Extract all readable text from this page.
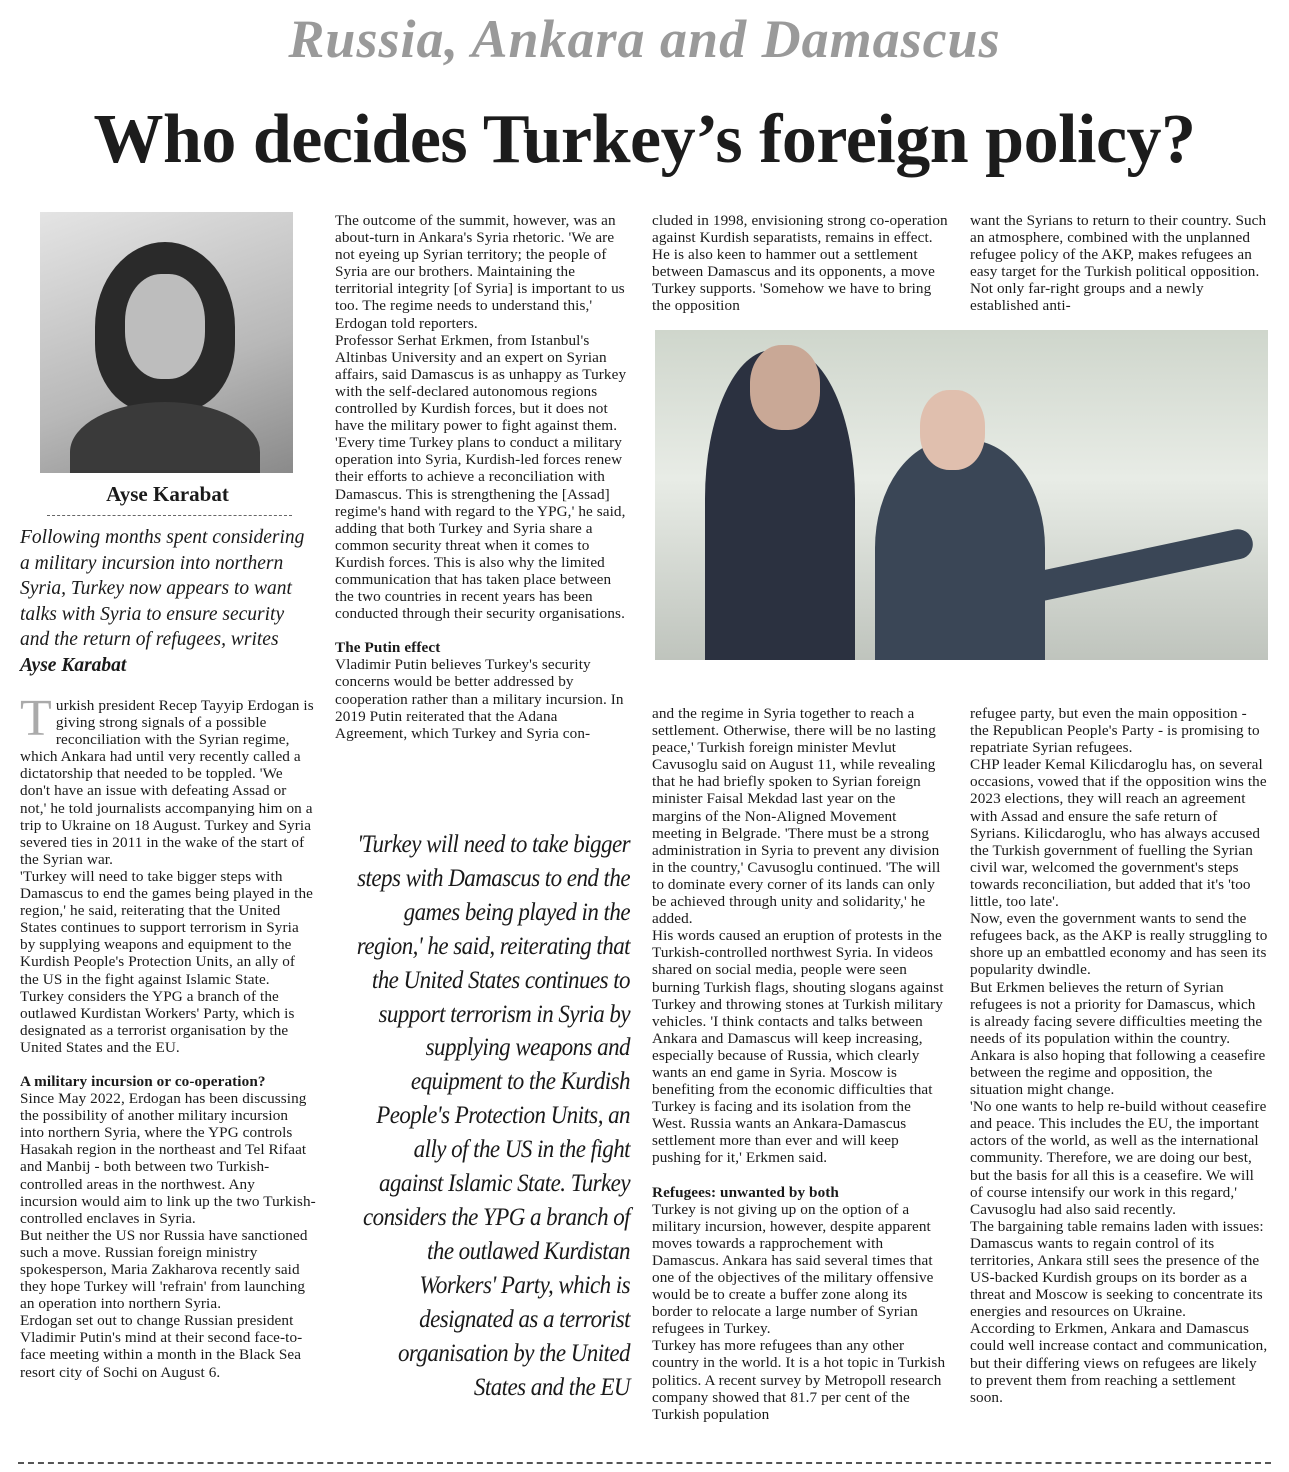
Russia, Ankara and Damascus
Who decides Turkey’s foreign policy?
Ayse Karabat
Following months spent considering a military incursion into northern Syria, Turkey now appears to want talks with Syria to ensure security and the return of refugees, writes Ayse Karabat

Turkish president Recep Tayyip Erdogan is giving strong signals of a possible reconciliation with the Syrian regime, which Ankara had until very recently called a dictatorship that needed to be toppled. 'We don't have an issue with defeating Assad or not,' he told journalists accompanying him on a trip to Ukraine on 18 August. Turkey and Syria severed ties in 2011 in the wake of the start of the Syrian war.

'Turkey will need to take bigger steps with Damascus to end the games being played in the region,' he said, reiterating that the United States continues to support terrorism in Syria by supplying weapons and equipment to the Kurdish People's Protection Units, an ally of the US in the fight against Islamic State.

Turkey considers the YPG a branch of the outlawed Kurdistan Workers' Party, which is designated as a terrorist organisation by the United States and the EU.

A military incursion or co-operation?

Since May 2022, Erdogan has been discussing the possibility of another military incursion into northern Syria, where the YPG controls Hasakah region in the northeast and Tel Rifaat and Manbij - both between two Turkish-controlled areas in the northwest. Any incursion would aim to link up the two Turkish-controlled enclaves in Syria.

But neither the US nor Russia have sanctioned such a move. Russian foreign ministry spokesperson, Maria Zakharova recently said they hope Turkey will 'refrain' from launching an operation into northern Syria.

Erdogan set out to change Russian president Vladimir Putin's mind at their second face-to-face meeting within a month in the Black Sea resort city of Sochi on August 6.

The outcome of the summit, however, was an about-turn in Ankara's Syria rhetoric. 'We are not eyeing up Syrian territory; the people of Syria are our brothers. Maintaining the territorial integrity [of Syria] is important to us too. The regime needs to understand this,' Erdogan told reporters.

Professor Serhat Erkmen, from Istanbul's Altinbas University and an expert on Syrian affairs, said Damascus is as unhappy as Turkey with the self-declared autonomous regions controlled by Kurdish forces, but it does not have the military power to fight against them.

'Every time Turkey plans to conduct a military operation into Syria, Kurdish-led forces renew their efforts to achieve a reconciliation with Damascus. This is strengthening the [Assad] regime's hand with regard to the YPG,' he said, adding that both Turkey and Syria share a common security threat when it comes to Kurdish forces. This is also why the limited communication that has taken place between the two countries in recent years has been conducted through their security organisations.

The Putin effect

Vladimir Putin believes Turkey's security concerns would be better addressed by cooperation rather than a military incursion. In 2019 Putin reiterated that the Adana Agreement, which Turkey and Syria con-

'Turkey will need to take bigger steps with Damascus to end the games being played in the region,' he said, reiterating that the United States continues to support terrorism in Syria by supplying weapons and equipment to the Kurdish People's Protection Units, an ally of the US in the fight against Islamic State. Turkey considers the YPG a branch of the outlawed Kurdistan Workers' Party, which is designated as a terrorist organisation by the United States and the EU

cluded in 1998, envisioning strong co-operation against Kurdish separatists, remains in effect. He is also keen to hammer out a settlement between Damascus and its opponents, a move Turkey supports. 'Somehow we have to bring the opposition

want the Syrians to return to their country. Such an atmosphere, combined with the unplanned refugee policy of the AKP, makes refugees an easy target for the Turkish political opposition. Not only far-right groups and a newly established anti-

and the regime in Syria together to reach a settlement. Otherwise, there will be no lasting peace,' Turkish foreign minister Mevlut Cavusoglu said on August 11, while revealing that he had briefly spoken to Syrian foreign minister Faisal Mekdad last year on the margins of the Non-Aligned Movement meeting in Belgrade. 'There must be a strong administration in Syria to prevent any division in the country,' Cavusoglu continued. 'The will to dominate every corner of its lands can only be achieved through unity and solidarity,' he added.

His words caused an eruption of protests in the Turkish-controlled northwest Syria. In videos shared on social media, people were seen burning Turkish flags, shouting slogans against Turkey and throwing stones at Turkish military vehicles. 'I think contacts and talks between Ankara and Damascus will keep increasing, especially because of Russia, which clearly wants an end game in Syria. Moscow is benefiting from the economic difficulties that Turkey is facing and its isolation from the West. Russia wants an Ankara-Damascus settlement more than ever and will keep pushing for it,' Erkmen said.

Refugees: unwanted by both

Turkey is not giving up on the option of a military incursion, however, despite apparent moves towards a rapprochement with Damascus. Ankara has said several times that one of the objectives of the military offensive would be to create a buffer zone along its border to relocate a large number of Syrian refugees in Turkey.

Turkey has more refugees than any other country in the world. It is a hot topic in Turkish politics. A recent survey by Metropoll research company showed that 81.7 per cent of the Turkish population

refugee party, but even the main opposition - the Republican People's Party - is promising to repatriate Syrian refugees.

CHP leader Kemal Kilicdaroglu has, on several occasions, vowed that if the opposition wins the 2023 elections, they will reach an agreement with Assad and ensure the safe return of Syrians. Kilicdaroglu, who has always accused the Turkish government of fuelling the Syrian civil war, welcomed the government's steps towards reconciliation, but added that it's 'too little, too late'.

Now, even the government wants to send the refugees back, as the AKP is really struggling to shore up an embattled economy and has seen its popularity dwindle.

But Erkmen believes the return of Syrian refugees is not a priority for Damascus, which is already facing severe difficulties meeting the needs of its population within the country. Ankara is also hoping that following a ceasefire between the regime and opposition, the situation might change.

'No one wants to help re-build without ceasefire and peace. This includes the EU, the important actors of the world, as well as the international community. Therefore, we are doing our best, but the basis for all this is a ceasefire. We will of course intensify our work in this regard,' Cavusoglu had also said recently.

The bargaining table remains laden with issues: Damascus wants to regain control of its territories, Ankara still sees the presence of the US-backed Kurdish groups on its border as a threat and Moscow is seeking to concentrate its energies and resources on Ukraine.

According to Erkmen, Ankara and Damascus could well increase contact and communication, but their differing views on refugees are likely to prevent them from reaching a settlement soon.
